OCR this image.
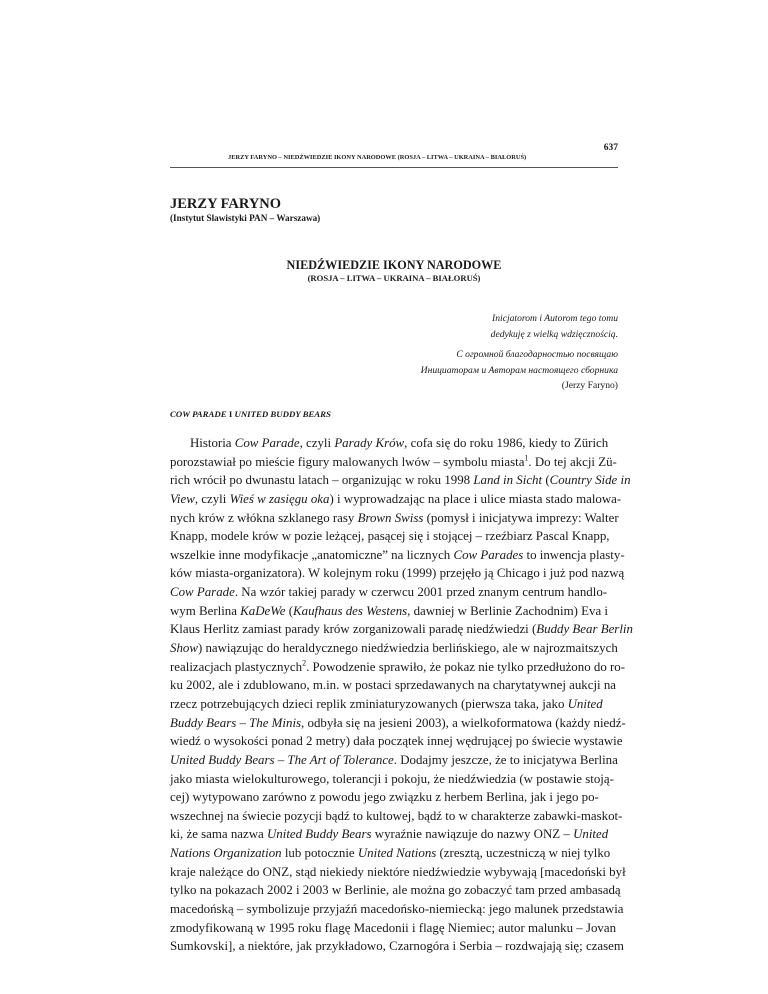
637
JERZY FARYNO – NIEDŹWIEDZIE IKONY NARODOWE (ROSJA – LITWA – UKRAINA – BIAŁORUŚ)
JERZY FARYNO
(Instytut Slawistyki PAN – Warszawa)
NIEDŹWIEDZIE IKONY NARODOWE
(ROSJA – LITWA – UKRAINA – BIAŁORUŚ)
Inicjatorom i Autorom tego tomu
dedykuję z wielką wdzięcznością.
С огромной благодарностью посвящаю
Инициаторам и Авторам настоящего сборника
(Jerzy Faryno)
COW PARADE I UNITED BUDDY BEARS
Historia Cow Parade, czyli Parady Krów, cofa się do roku 1986, kiedy to Zürich
porozstawiał po mieście figury malowanych lwów – symbolu miasta$^1$. Do tej akcji Zü-
rich wrócił po dwunastu latach – organizując w roku 1998 Land in Sicht (Country Side in
View, czyli Wieś w zasięgu oka) i wyprowadzając na place i ulice miasta stado malowa-
nych krów z włókna szklanego rasy Brown Swiss (pomysł i inicjatywa imprezy: Walter
Knapp, modele krów w pozie leżącej, pasącej się i stojącej – rzeźbiarz Pascal Knapp,
wszelkie inne modyfikacje „anatomiczne” na licznych Cow Parades to inwencja plasty-
ków miasta-organizatora). W kolejnym roku (1999) przejęło ją Chicago i już pod nazwą
Cow Parade. Na wzór takiej parady w czerwcu 2001 przed znanym centrum handlo-
wym Berlina KaDeWe (Kaufhaus des Westens, dawniej w Berlinie Zachodnim) Eva i
Klaus Herlitz zamiast parady krów zorganizowali paradę niedźwiedzi (Buddy Bear Berlin
Show) nawiązując do heraldycznego niedźwiedzia berlińskiego, ale w najrozmaitszych
realizacjach plastycznych$^2$. Powodzenie sprawiło, że pokaz nie tylko przedłużono do ro-
ku 2002, ale i zdublowano, m.in. w postaci sprzedawanych na charytatywnej aukcji na
rzecz potrzebujących dzieci replik zminiaturyzowanych (pierwsza taka, jako United
Buddy Bears – The Minis, odbyła się na jesieni 2003), a wielkoformatowa (każdy niedź-
wiedź o wysokości ponad 2 metry) dała początek innej wędrującej po świecie wystawie
United Buddy Bears – The Art of Tolerance. Dodajmy jeszcze, że to inicjatywa Berlina
jako miasta wielokulturowego, tolerancji i pokoju, że niedźwiedzia (w postawie stoją-
cej) wytypowano zarówno z powodu jego związku z herbem Berlina, jak i jego po-
wszechnej na świecie pozycji bądź to kultowej, bądź to w charakterze zabawki-maskot-
ki, że sama nazwa United Buddy Bears wyraźnie nawiązuje do nazwy ONZ – United
Nations Organization lub potocznie United Nations (zresztą, uczestniczą w niej tylko
kraje należące do ONZ, stąd niekiedy niektóre niedźwiedzie wybywają [macedoński był
tylko na pokazach 2002 i 2003 w Berlinie, ale można go zobaczyć tam przed ambasadą
macedońską – symbolizuje przyjaźń macedońsko-niemiecką: jego malunek przedstawia
zmodyfikowaną w 1995 roku flagę Macedonii i flagę Niemiec; autor malunku – Jovan
Sumkovski], a niektóre, jak przykładowo, Czarnogóra i Serbia – rozdwajają się; czasem
